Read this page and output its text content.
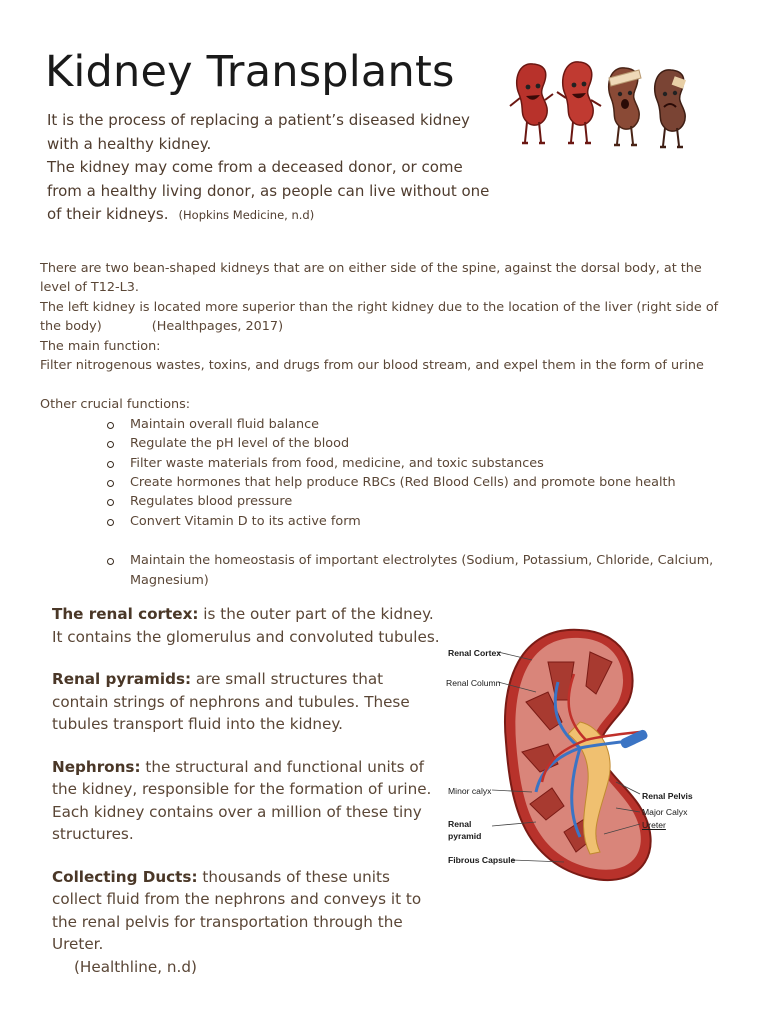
Kidney Transplants

It is the process of replacing a patient’s diseased kidney with a healthy kidney.

The kidney may come from a deceased donor, or come from a healthy living donor, as people can live without one of their kidneys. (Hopkins Medicine, n.d)

There are two bean-shaped kidneys that are on either side of the spine, against the dorsal body, at the level of T12-L3.

The left kidney is located more superior than the right kidney due to the location of the liver (right side of the body)	(Healthpages, 2017)

The main function:

Filter nitrogenous wastes, toxins, and drugs from our blood stream, and expel them in the form of urine

Other crucial functions:

Maintain overall fluid balance
Regulate the pH level of the blood
Filter waste materials from food, medicine, and toxic substances
Create hormones that help produce RBCs (Red Blood Cells) and promote bone health
Regulates blood pressure
Convert Vitamin D to its active form
Maintain the homeostasis of important electrolytes (Sodium, Potassium, Chloride, Calcium, Magnesium)

The renal cortex: is the outer part of the kidney. It contains the glomerulus and convoluted tubules.

Renal pyramids: are small structures that contain strings of nephrons and tubules. These tubules transport fluid into the kidney.

Nephrons: the structural and functional units of the kidney, responsible for the formation of urine. Each kidney contains over a million of these tiny structures.

Collecting Ducts: thousands of these units collect fluid from the nephrons and conveys it to the renal pelvis for transportation through the Ureter.
(Healthline, n.d)

Renal Cortex
Renal Column
Minor calyx
Renal pyramid
Fibrous Capsule
Renal Pelvis
Major Calyx
Ureter
